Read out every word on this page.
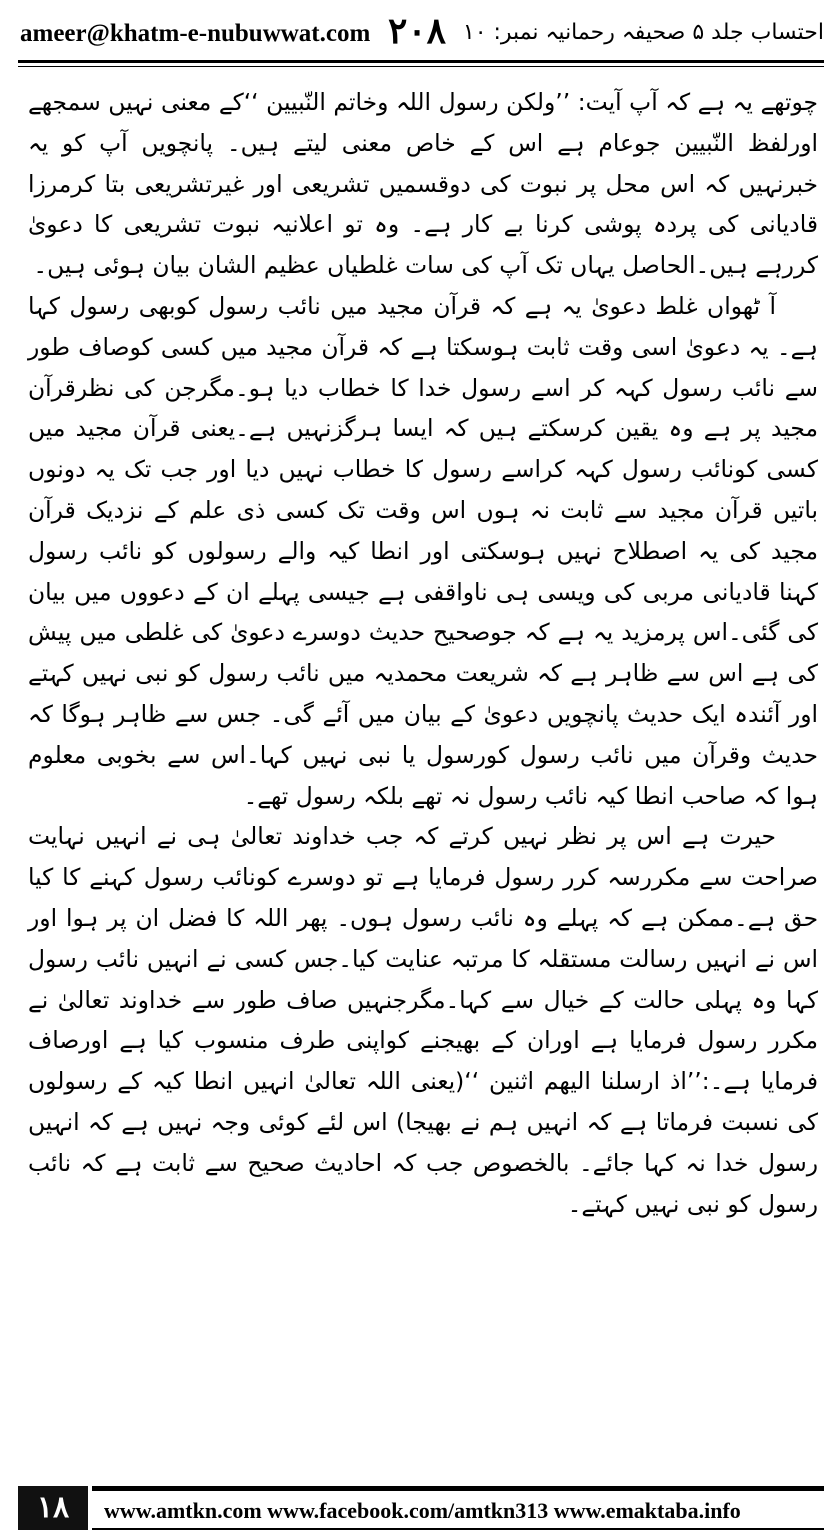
ameer@khatm-e-nubuwwat.com ۲۰۸ احتساب جلد ۵ صحیفہ رحمانیہ نمبر: ۱۰

چوتھے یہ ہے کہ آپ آیت: ’’ولکن رسول اللہ وخاتم النّبیین ‘‘کے معنی نہیں سمجھے اورلفظ النّبیین جوعام ہے اس کے خاص معنی لیتے ہیں۔ پانچویں آپ کو یہ خبرنہیں کہ اس محل پر نبوت کی دوقسمیں تشریعی اور غیرتشریعی بتا کرمرزا قادیانی کی پردہ پوشی کرنا بے کار ہے۔ وہ تو اعلانیہ نبوت تشریعی کا دعویٰ کررہے ہیں۔الحاصل یہاں تک آپ کی سات غلطیاں عظیم الشان بیان ہوئی ہیں۔

آ ٹھواں غلط دعویٰ یہ ہے کہ قرآن مجید میں نائب رسول کوبھی رسول کہا ہے۔ یہ دعویٰ اسی وقت ثابت ہوسکتا ہے کہ قرآن مجید میں کسی کوصاف طور سے نائب رسول کہہ کر اسے رسول خدا کا خطاب دیا ہو۔مگرجن کی نظرقرآن مجید پر ہے وہ یقین کرسکتے ہیں کہ ایسا ہرگزنہیں ہے۔یعنی قرآن مجید میں کسی کونائب رسول کہہ کراسے رسول کا خطاب نہیں دیا اور جب تک یہ دونوں باتیں قرآن مجید سے ثابت نہ ہوں اس وقت تک کسی ذی علم کے نزدیک قرآن مجید کی یہ اصطلاح نہیں ہوسکتی اور انطا کیہ والے رسولوں کو نائب رسول کہنا قادیانی مربی کی ویسی ہی ناواقفی ہے جیسی پہلے ان کے دعووں میں بیان کی گئی۔اس پرمزید یہ ہے کہ جوصحیح حدیث دوسرے دعویٰ کی غلطی میں پیش کی ہے اس سے ظاہر ہے کہ شریعت محمدیہ میں نائب رسول کو نبی نہیں کہتے اور آئندہ ایک حدیث پانچویں دعویٰ کے بیان میں آئے گی۔ جس سے ظاہر ہوگا کہ حدیث وقرآن میں نائب رسول کورسول یا نبی نہیں کہا۔اس سے بخوبی معلوم ہوا کہ صاحب انطا کیہ نائب رسول نہ تھے بلکہ رسول تھے۔

حیرت ہے اس پر نظر نہیں کرتے کہ جب خداوند تعالیٰ ہی نے انہیں نہایت صراحت سے مکررسہ کرر رسول فرمایا ہے تو دوسرے کونائب رسول کہنے کا کیا حق ہے۔ممکن ہے کہ پہلے وہ نائب رسول ہوں۔ پھر اللہ کا فضل ان پر ہوا اور اس نے انہیں رسالت مستقلہ کا مرتبہ عنایت کیا۔جس کسی نے انہیں نائب رسول کہا وہ پہلی حالت کے خیال سے کہا۔مگرجنہیں صاف طور سے خداوند تعالیٰ نے مکرر رسول فرمایا ہے اوران کے بھیجنے کواپنی طرف منسوب کیا ہے اورصاف فرمایا ہے۔:’’اذ ارسلنا الیھم اثنین ‘‘(یعنی اللہ تعالیٰ انہیں انطا کیہ کے رسولوں کی نسبت فرماتا ہے کہ انہیں ہم نے بھیجا) اس لئے کوئی وجہ نہیں ہے کہ انہیں رسول خدا نہ کہا جائے۔ بالخصوص جب کہ احادیث صحیح سے ثابت ہے کہ نائب رسول کو نبی نہیں کہتے۔

۱۸	www.amtkn.com www.facebook.com/amtkn313 www.emaktaba.info
